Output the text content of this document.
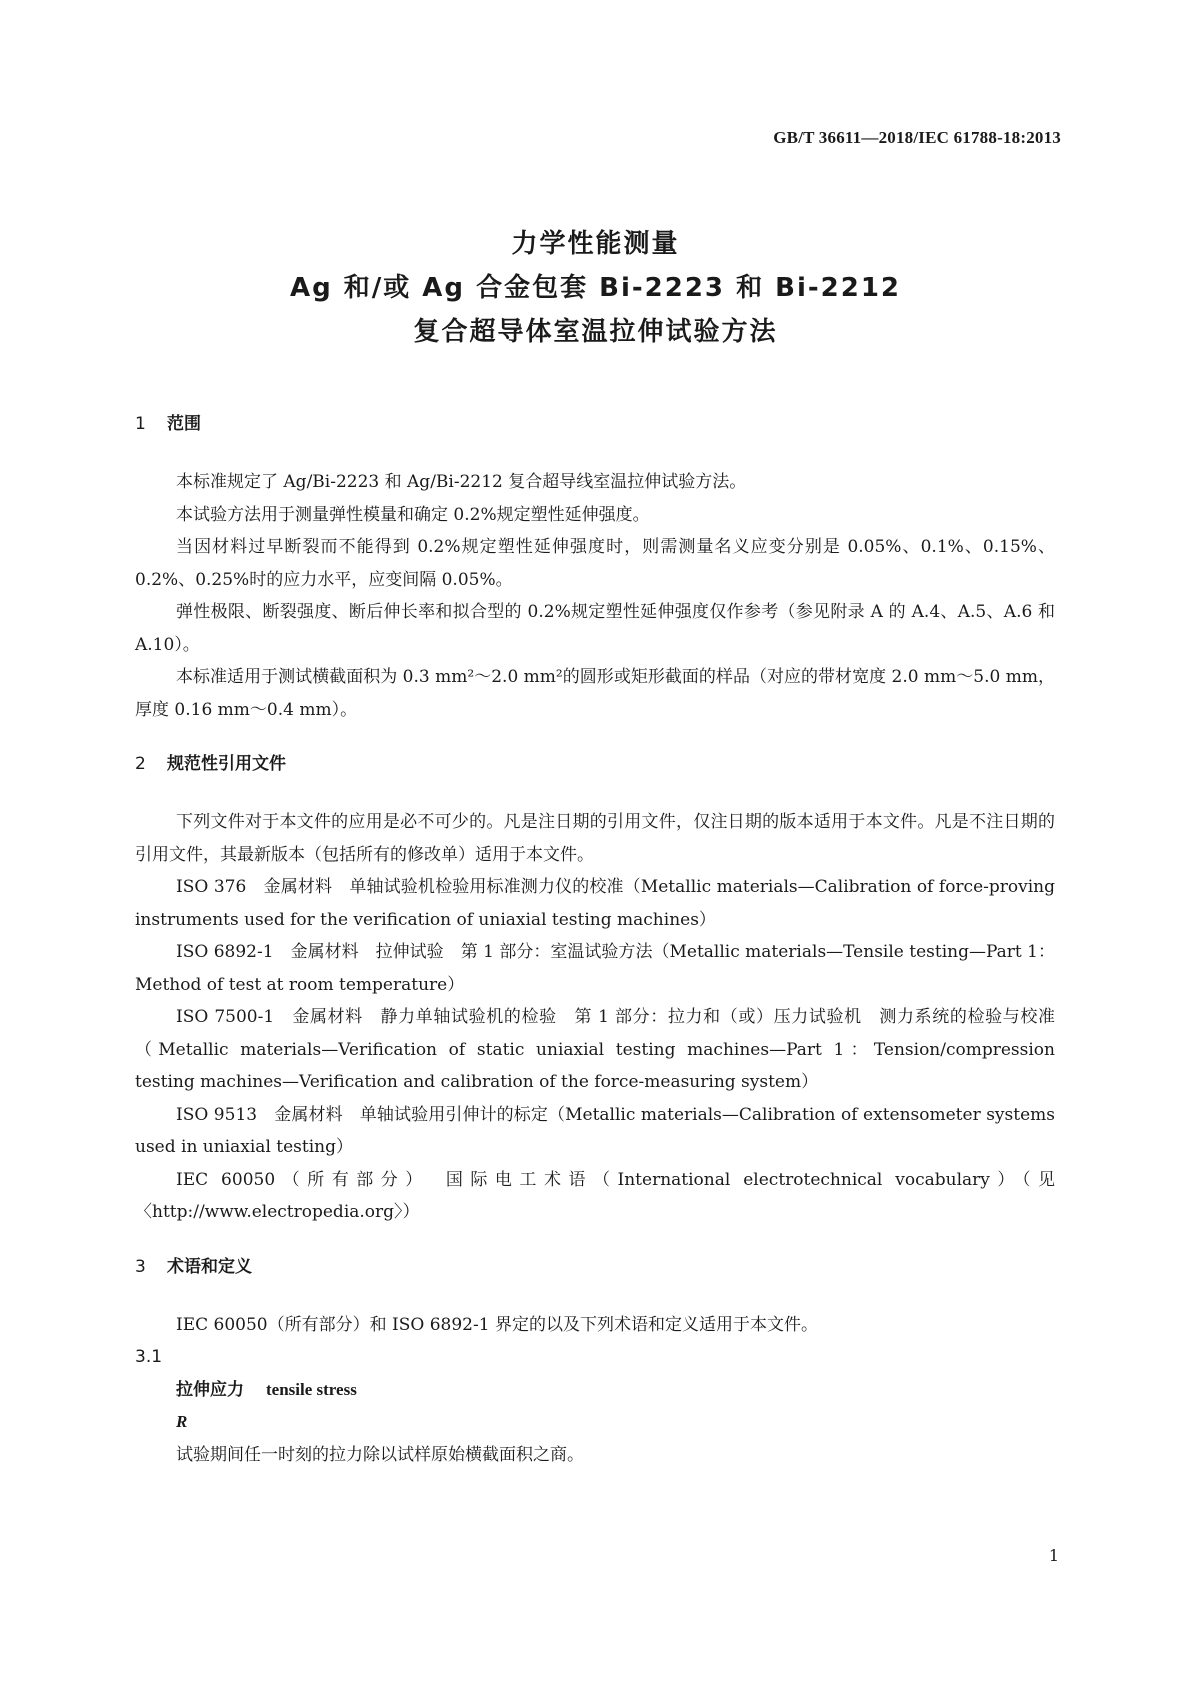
GB/T 36611—2018/IEC 61788-18:2013
力学性能测量
Ag 和/或 Ag 合金包套 Bi-2223 和 Bi-2212
复合超导体室温拉伸试验方法
1 范围

本标准规定了 Ag/Bi-2223 和 Ag/Bi-2212 复合超导线室温拉伸试验方法。

本试验方法用于测量弹性模量和确定 0.2%规定塑性延伸强度。

当因材料过早断裂而不能得到 0.2%规定塑性延伸强度时，则需测量名义应变分别是 0.05%、0.1%、0.15%、0.2%、0.25%时的应力水平，应变间隔 0.05%。

弹性极限、断裂强度、断后伸长率和拟合型的 0.2%规定塑性延伸强度仅作参考（参见附录 A 的 A.4、A.5、A.6 和 A.10）。

本标准适用于测试横截面积为 0.3 mm²～2.0 mm²的圆形或矩形截面的样品（对应的带材宽度 2.0 mm～5.0 mm，厚度 0.16 mm～0.4 mm）。

2 规范性引用文件

下列文件对于本文件的应用是必不可少的。凡是注日期的引用文件，仅注日期的版本适用于本文件。凡是不注日期的引用文件，其最新版本（包括所有的修改单）适用于本文件。

ISO 376　金属材料　单轴试验机检验用标准测力仪的校准（Metallic materials—Calibration of force-proving instruments used for the verification of uniaxial testing machines）

ISO 6892-1　金属材料　拉伸试验　第 1 部分：室温试验方法（Metallic materials—Tensile testing—Part 1：Method of test at room temperature）

ISO 7500-1　金属材料　静力单轴试验机的检验　第 1 部分：拉力和（或）压力试验机　测力系统的检验与校准（Metallic materials—Verification of static uniaxial testing machines—Part 1：Tension/compression testing machines—Verification and calibration of the force-measuring system）

ISO 9513　金属材料　单轴试验用引伸计的标定（Metallic materials—Calibration of extensometer systems used in uniaxial testing）

IEC 60050（所有部分）　国际电工术语（International electrotechnical vocabulary）（见〈http://www.electropedia.org〉）

3 术语和定义

IEC 60050（所有部分）和 ISO 6892-1 界定的以及下列术语和定义适用于本文件。

3.1
拉伸应力 tensile stress
R

试验期间任一时刻的拉力除以试样原始横截面积之商。

1
